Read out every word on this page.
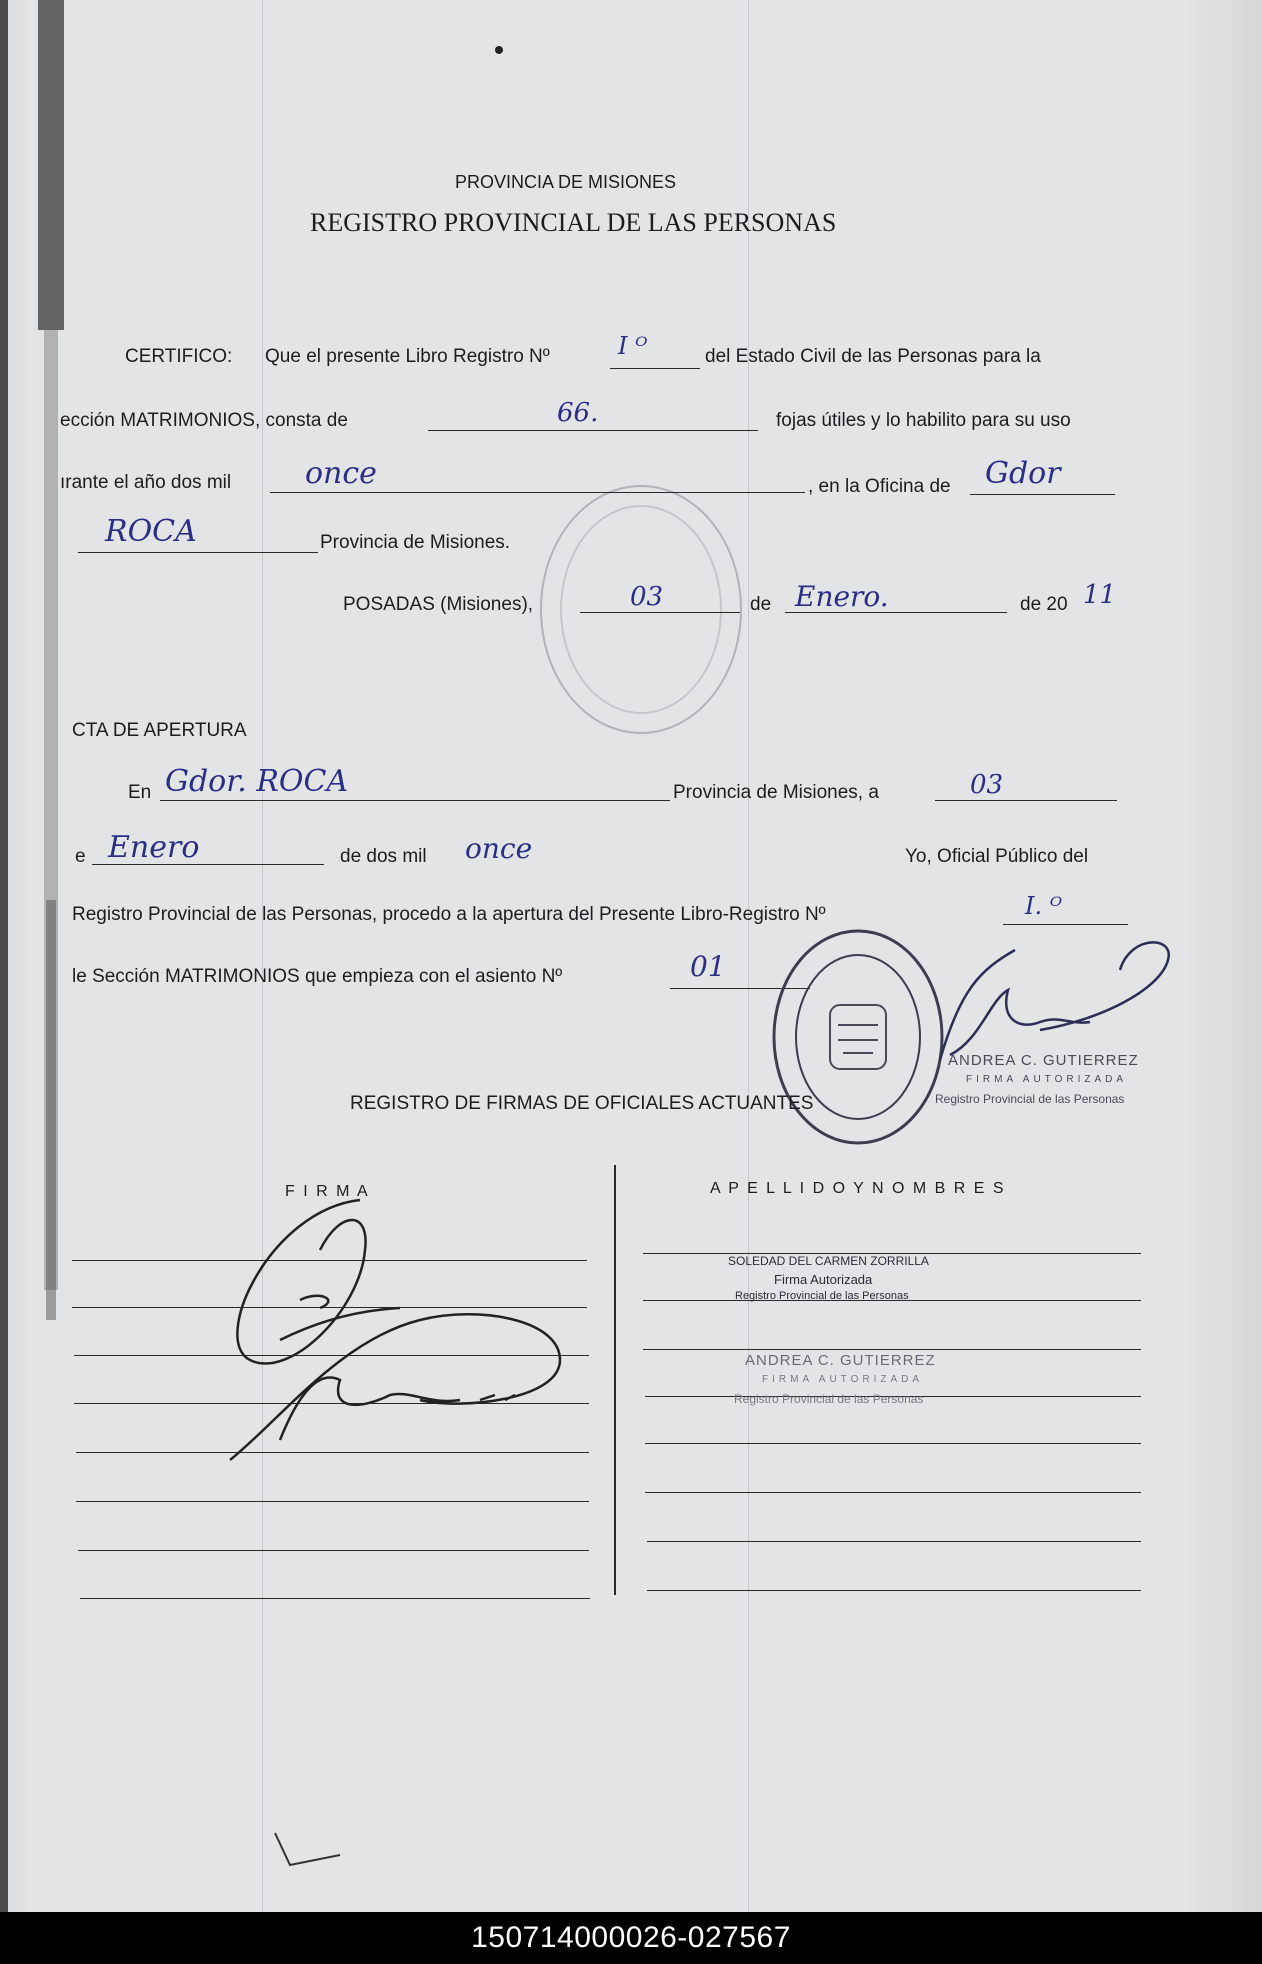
PROVINCIA DE MISIONES
REGISTRO PROVINCIAL DE LAS PERSONAS
CERTIFICO: Que el presente Libro Registro Nº	I ᴼ	del Estado Civil de las Personas para la
ección MATRIMONIOS, consta de	66.	fojas útiles y lo habilito para su uso
ırante el año dos mil once	, en la Oficina de Gdor
ROCA	Provincia de Misiones.
POSADAS (Misiones),	03	de Enero.	de 20 11
CTA DE APERTURA
En Gdor. ROCA	Provincia de Misiones, a	03
e Enero	de dos mil once	Yo, Oficial Público del
Registro Provincial de las Personas, procedo a la apertura del Presente Libro-Registro Nº	I. ᴼ
le Sección MATRIMONIOS que empieza con el asiento Nº	01
ANDREA C. GUTIERREZ
FIRMA AUTORIZADA
Registro Provincial de las Personas
REGISTRO DE FIRMAS DE OFICIALES ACTUANTES
F I R M A	A P E L L I D O Y N O M B R E S
SOLEDAD DEL CARMEN ZORRILLA
Firma Autorizada
Registro Provincial de las Personas
ANDREA C. GUTIERREZ
FIRMA AUTORIZADA
Registro Provincial de las Personas
150714000026-027567
